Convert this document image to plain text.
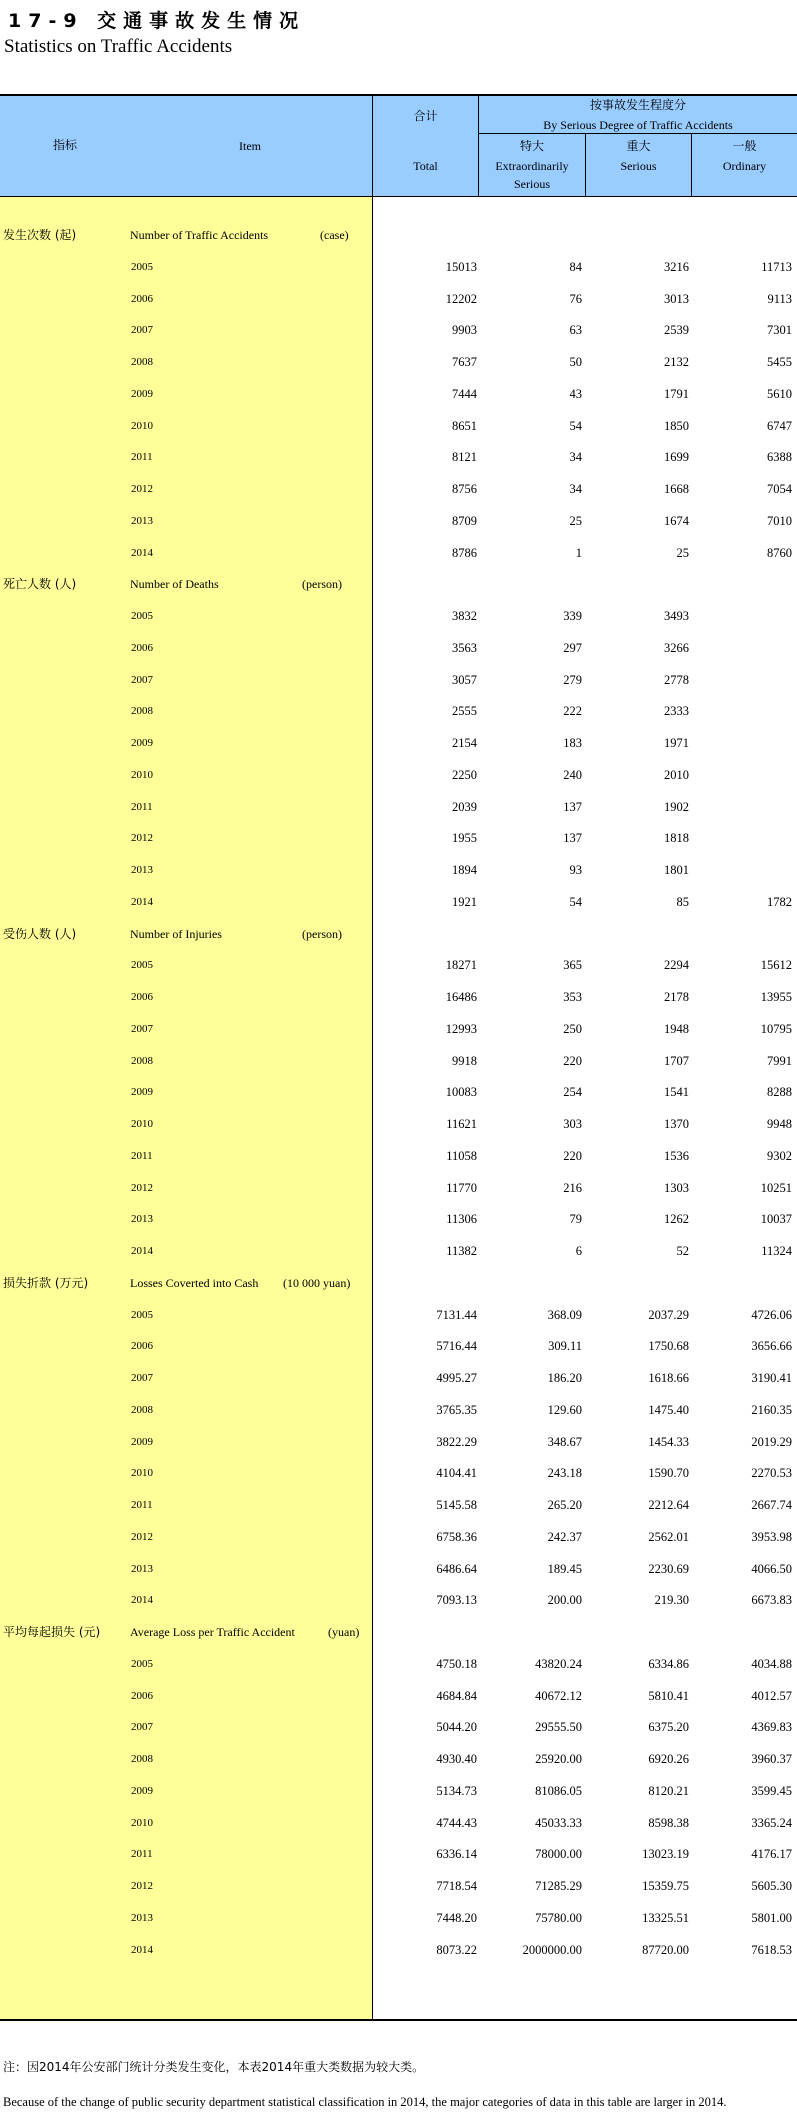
17-9 交通事故发生情况
Statistics on Traffic Accidents
指标	Item
合计
Total
按事故发生程度分
By Serious Degree of Traffic Accidents
特大
Extraordinarily
Serious
重大
Serious
一般
Ordinary
发生次数 (起)	Number of Traffic Accidents	(case)
2005	15013	84	3216	11713
2006	12202	76	3013	9113
2007	9903	63	2539	7301
2008	7637	50	2132	5455
2009	7444	43	1791	5610
2010	8651	54	1850	6747
2011	8121	34	1699	6388
2012	8756	34	1668	7054
2013	8709	25	1674	7010
2014	8786	1	25	8760
死亡人数 (人)	Number of Deaths	(person)
2005	3832	339	3493
2006	3563	297	3266
2007	3057	279	2778
2008	2555	222	2333
2009	2154	183	1971
2010	2250	240	2010
2011	2039	137	1902
2012	1955	137	1818
2013	1894	93	1801
2014	1921	54	85	1782
受伤人数 (人)	Number of Injuries	(person)
2005	18271	365	2294	15612
2006	16486	353	2178	13955
2007	12993	250	1948	10795
2008	9918	220	1707	7991
2009	10083	254	1541	8288
2010	11621	303	1370	9948
2011	11058	220	1536	9302
2012	11770	216	1303	10251
2013	11306	79	1262	10037
2014	11382	6	52	11324
损失折款 (万元)	Losses Coverted into Cash (10 000 yuan)
2005	7131.44	368.09	2037.29	4726.06
2006	5716.44	309.11	1750.68	3656.66
2007	4995.27	186.20	1618.66	3190.41
2008	3765.35	129.60	1475.40	2160.35
2009	3822.29	348.67	1454.33	2019.29
2010	4104.41	243.18	1590.70	2270.53
2011	5145.58	265.20	2212.64	2667.74
2012	6758.36	242.37	2562.01	3953.98
2013	6486.64	189.45	2230.69	4066.50
2014	7093.13	200.00	219.30	6673.83
平均每起损失 (元) Average Loss per Traffic Accident	(yuan)
2005	4750.18	43820.24	6334.86	4034.88
2006	4684.84	40672.12	5810.41	4012.57
2007	5044.20	29555.50	6375.20	4369.83
2008	4930.40	25920.00	6920.26	3960.37
2009	5134.73	81086.05	8120.21	3599.45
2010	4744.43	45033.33	8598.38	3365.24
2011	6336.14	78000.00	13023.19	4176.17
2012	7718.54	71285.29	15359.75	5605.30
2013	7448.20	75780.00	13325.51	5801.00
2014	8073.22	2000000.00	87720.00	7618.53
注：因2014年公安部门统计分类发生变化，本表2014年重大类数据为较大类。
Because of the change of public security department statistical classification in 2014, the major categories of data in this table are larger in 2014.
